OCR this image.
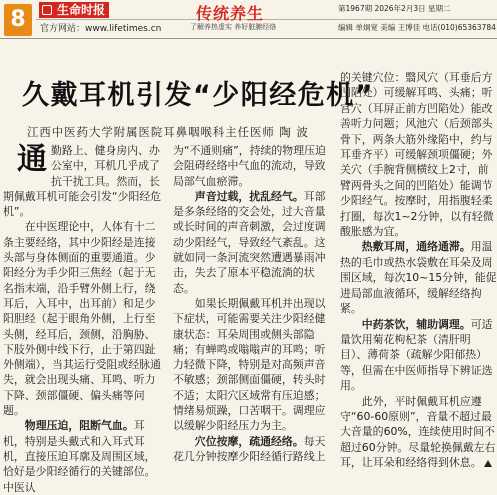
8	生命时报
官方网站：www.lifetimes.cn
传统养生
了解养热虚实 养好脏腑经络
第1967期 2026年2月3日 星期二
编辑 单炯宽 美编 王博佳 电话(010)65363784
久戴耳机引发“少阳经危机”
江西中医药大学附属医院耳鼻咽喉科主任医师 陶 波

通勤路上、健身房内、办公室中，耳机几乎成了抗干扰工具。然而，长期佩戴耳机可能会引发“少阳经危机”。

在中医理论中，人体有十二条主要经络，其中少阳经是连接头部与身体侧面的重要通道。少阳经分为手少阳三焦经（起于无名指末端，沿手臂外侧上行，绕耳后，入耳中，出耳前）和足少阳胆经（起于眼角外侧，上行至头侧，经耳后，颈侧，沿胸胁、下肢外侧中线下行，止于第四趾外侧端），当其运行受阻或经脉通失，就会出现头痛、耳鸣、听力下降、颈部僵硬、偏头痛等问题。

物理压迫，阻断气血。耳机，特别是头戴式和入耳式耳机，直接压迫耳廓及周围区域，恰好是少阳经循行的关键部位。中医认

为“不通则痛”，持续的物理压迫会阻碍经络中气血的流动，导致局部气血瘀滞。

声音过载，扰乱经气。耳部是多条经络的交会处，过大音量或长时间的声音刺激，会过度调动少阳经气，导致经气紊乱。这就如同一条河流突然遭遇暴雨冲击，失去了原本平稳流淌的状态。

如果长期佩戴耳机并出现以下症状，可能需要关注少阳经健康状态：耳朵周围或侧头部隐痛；有蝉鸣或嗡嗡声的耳鸣；听力轻微下降，特别是对高频声音不敏感；颈部侧面僵硬，转头时不适；太阳穴区域常有压迫感；情绪易烦躁，口苦咽干。调理应以缓解少阳经压力为主。

穴位按摩，疏通经络。每天花几分钟按摩少阳经循行路线上

的关键穴位：翳风穴（耳垂后方凹陷处）可缓解耳鸣、头痛；听宫穴（耳屏正前方凹陷处）能改善听力问题；风池穴（后颈部头骨下，两条大筋外缘陷中，约与耳垂齐平）可缓解颈项僵硬；外关穴（手腕背侧横纹上2寸，前臂两骨头之间的凹陷处）能调节少阳经气。按摩时，用指腹轻柔打圈，每次1~2分钟，以有轻微酸胀感为宜。

热敷耳周，通络通滞。用温热的毛巾或热水袋敷在耳朵及周围区域，每次10~15分钟，能促进局部血液循环，缓解经络拘紧。

中药茶饮，辅助调理。可适量饮用菊花枸杞茶（清肝明目）、薄荷茶（疏解少阳郁热）等，但需在中医师指导下辨证选用。

此外，平时佩戴耳机应遵守“60-60原则”，音量不超过最大音量的60%，连续使用时间不超过60分钟。尽量轮换佩戴左右耳，让耳朵和经络得到休息。
